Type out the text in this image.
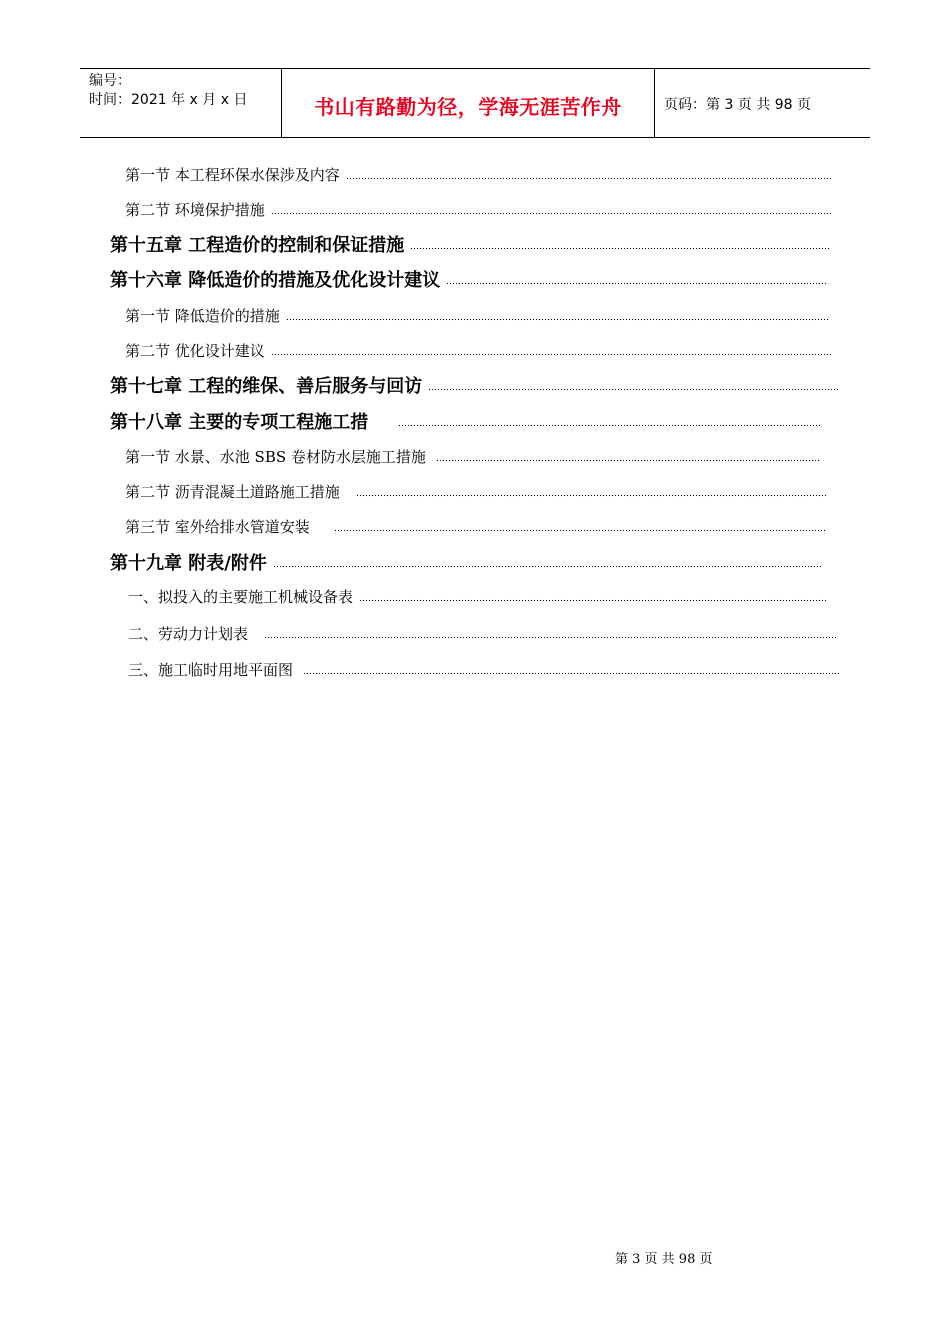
编号：
时间：2021 年 x 月 x 日	书山有路勤为径，学海无涯苦作舟	页码：第 3 页 共 98 页
第一节 本工程环保水保涉及内容
第二节 环境保护措施
第十五章 工程造价的控制和保证措施
第十六章 降低造价的措施及优化设计建议
第一节 降低造价的措施
第二节 优化设计建议
第十七章 工程的维保、善后服务与回访
第十八章 主要的专项工程施工措
第一节 水景、水池 SBS 卷材防水层施工措施
第二节 沥青混凝土道路施工措施
第三节 室外给排水管道安装
第十九章 附表/附件
一、拟投入的主要施工机械设备表
二、劳动力计划表
三、施工临时用地平面图
第 3 页 共 98 页
